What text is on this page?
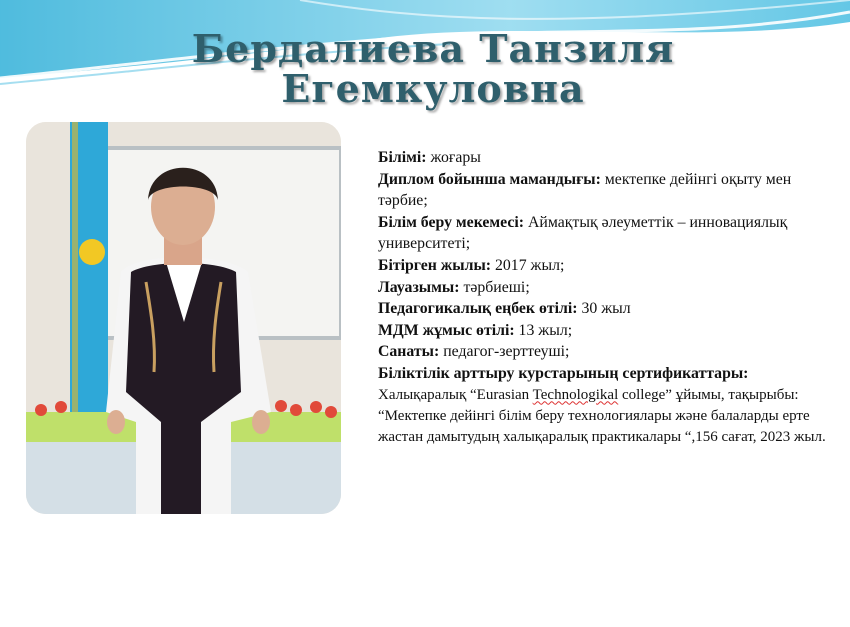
Бердалиева Танзиля
Егемкуловна

Білімі: жоғары

Диплом бойынша мамандығы: мектепке дейінгі оқыту мен тәрбие;

Білім беру мекемесі: Аймақтық әлеуметтік – инновациялық университеті;

Бітірген жылы: 2017 жыл;

Лауазымы: тәрбиеші;

Педагогикалық еңбек өтілі: 30 жыл

МДМ жұмыс өтілі: 13 жыл;

Санаты: педагог-зерттеуші;

Біліктілік арттыру курстарының сертификаттары:

Халықаралық “Eurasian Technologikal college” ұйымы, тақырыбы: “Мектепке дейінгі білім беру технологиялары және балаларды ерте жастан дамытудың халықаралық практикалары “,156 сағат, 2023 жыл.
